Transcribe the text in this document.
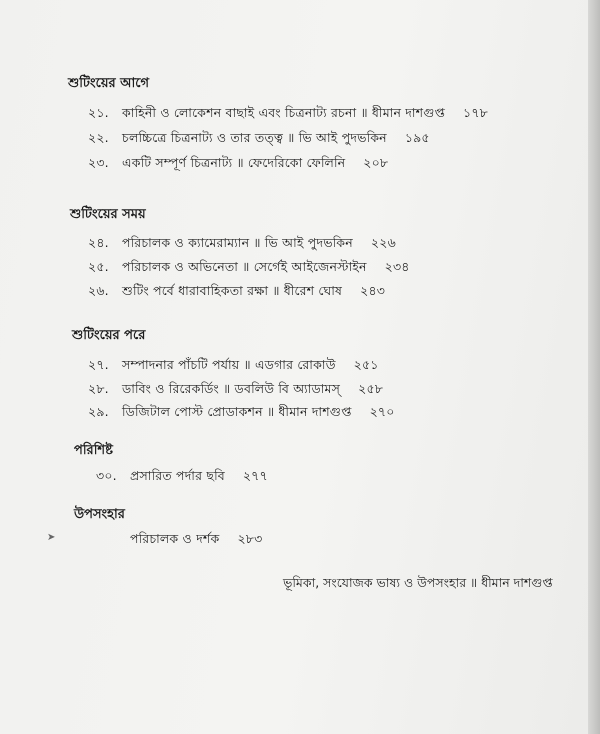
শুটিংয়ের আগে
২১. কাহিনী ও লোকেশন বাছাই এবং চিত্রনাট্য রচনা ॥ ধীমান দাশগুপ্ত ১৭৮
২২. চলচ্চিত্রে চিত্রনাট্য ও তার তত্ত্ব ॥ ভি আই পুদভকিন ১৯৫
২৩. একটি সম্পূর্ণ চিত্রনাট্য ॥ ফেদেরিকো ফেলিনি ২০৮
শুটিংয়ের সময়
২৪. পরিচালক ও ক্যামেরাম্যান ॥ ভি আই পুদভকিন ২২৬
২৫. পরিচালক ও অভিনেতা ॥ সের্গেই আইজেনস্টাইন ২৩৪
২৬. শুটিং পর্বে ধারাবাহিকতা রক্ষা ॥ ধীরেশ ঘোষ ২৪৩
শুটিংয়ের পরে
২৭. সম্পাদনার পাঁচটি পর্যায় ॥ এডগার রোকাউ ২৫১
২৮. ডাবিং ও রিরেকর্ডিং ॥ ডবলিউ বি অ্যাডামস্ ২৫৮
২৯. ডিজিটাল পোস্ট প্রোডাকশন ॥ ধীমান দাশগুপ্ত ২৭০
পরিশিষ্ট
৩০. প্রসারিত পর্দার ছবি ২৭৭
উপসংহার
পরিচালক ও দর্শক ২৮৩
➤
ভূমিকা, সংযোজক ভাষ্য ও উপসংহার ॥ ধীমান দাশগুপ্ত
